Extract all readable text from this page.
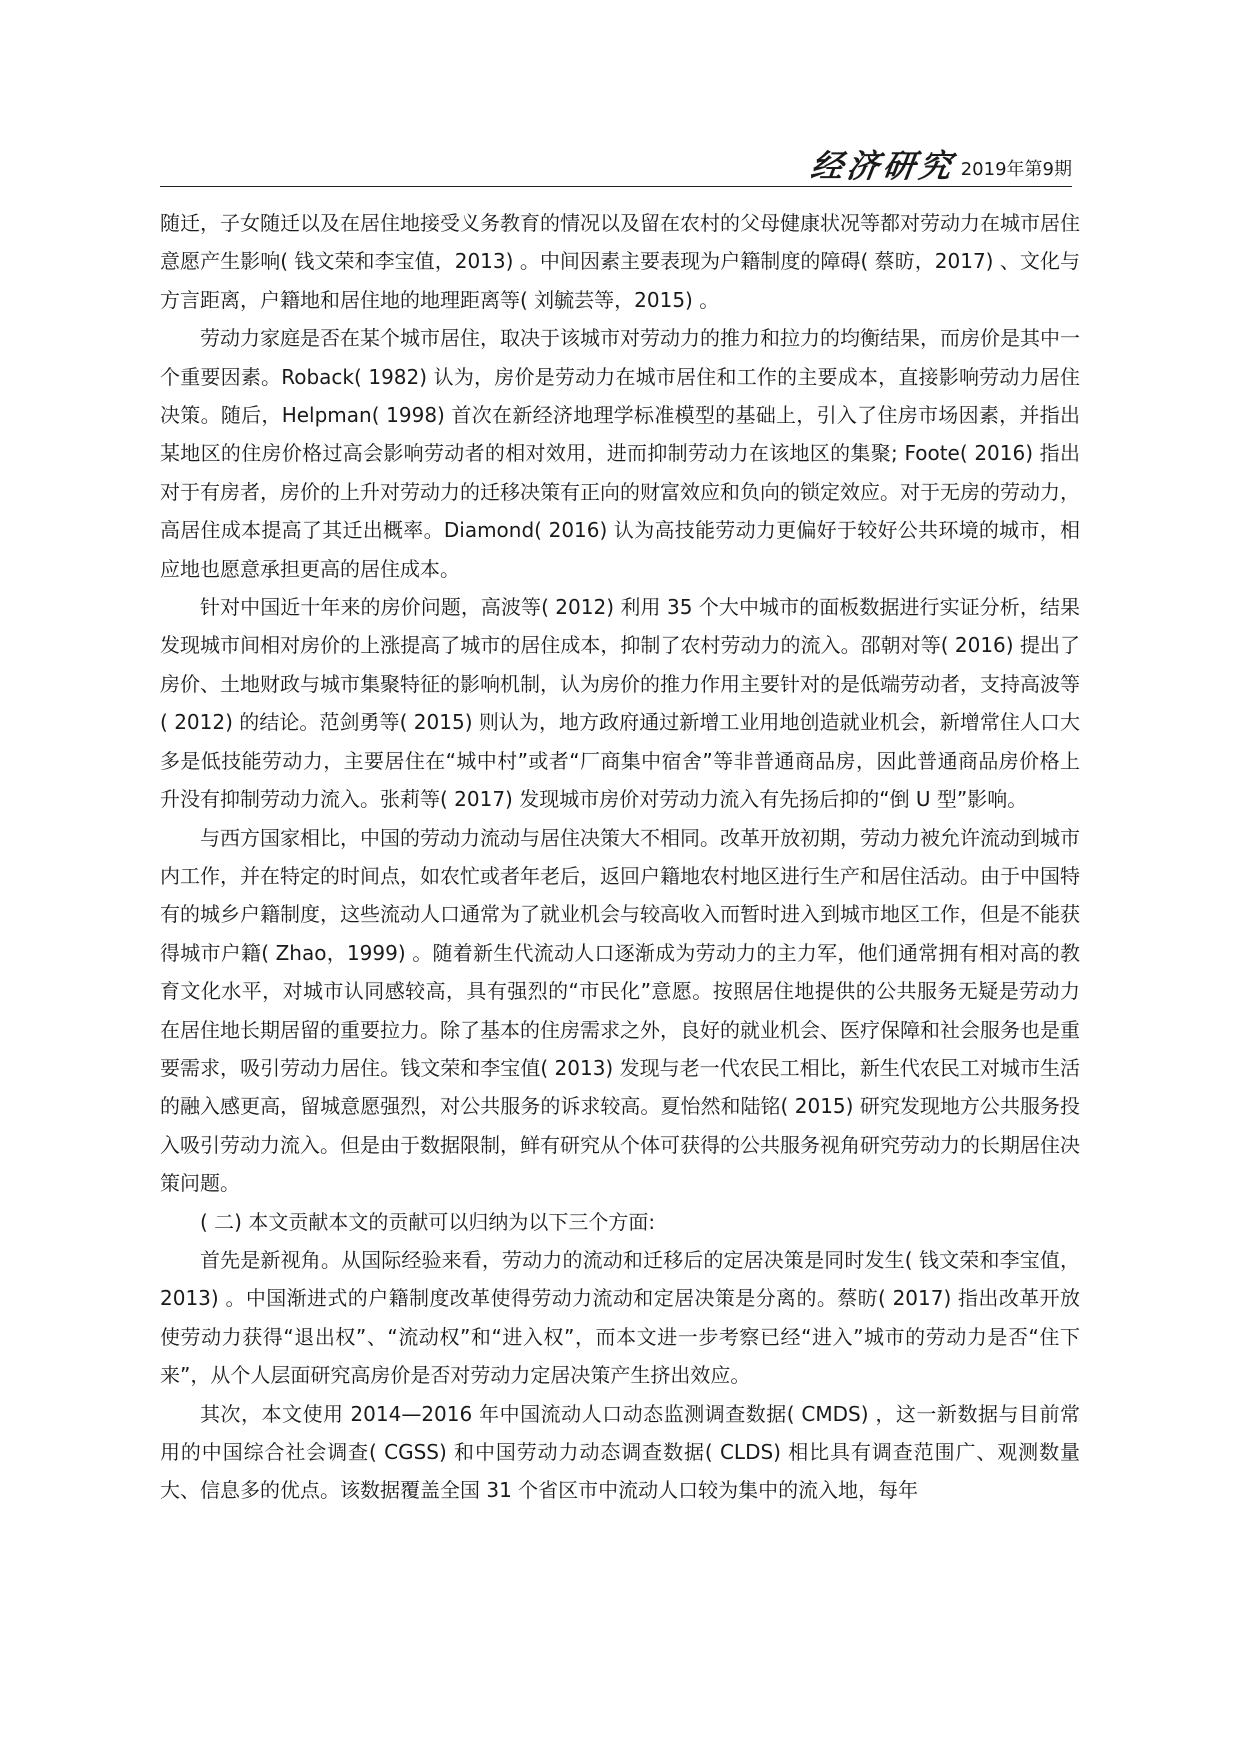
经济研究 2019年第9期

随迁，子女随迁以及在居住地接受义务教育的情况以及留在农村的父母健康状况等都对劳动力在城市居住意愿产生影响( 钱文荣和李宝值，2013) 。中间因素主要表现为户籍制度的障碍( 蔡昉，2017) 、文化与方言距离，户籍地和居住地的地理距离等( 刘毓芸等，2015) 。

劳动力家庭是否在某个城市居住，取决于该城市对劳动力的推力和拉力的均衡结果，而房价是其中一个重要因素。Roback( 1982) 认为，房价是劳动力在城市居住和工作的主要成本，直接影响劳动力居住决策。随后，Helpman( 1998) 首次在新经济地理学标准模型的基础上，引入了住房市场因素，并指出某地区的住房价格过高会影响劳动者的相对效用，进而抑制劳动力在该地区的集聚; Foote( 2016) 指出对于有房者，房价的上升对劳动力的迁移决策有正向的财富效应和负向的锁定效应。对于无房的劳动力，高居住成本提高了其迁出概率。Diamond( 2016) 认为高技能劳动力更偏好于较好公共环境的城市，相应地也愿意承担更高的居住成本。

针对中国近十年来的房价问题，高波等( 2012) 利用 35 个大中城市的面板数据进行实证分析，结果发现城市间相对房价的上涨提高了城市的居住成本，抑制了农村劳动力的流入。邵朝对等( 2016) 提出了房价、土地财政与城市集聚特征的影响机制，认为房价的推力作用主要针对的是低端劳动者，支持高波等( 2012) 的结论。范剑勇等( 2015) 则认为，地方政府通过新增工业用地创造就业机会，新增常住人口大多是低技能劳动力，主要居住在“城中村”或者“厂商集中宿舍”等非普通商品房，因此普通商品房价格上升没有抑制劳动力流入。张莉等( 2017) 发现城市房价对劳动力流入有先扬后抑的“倒 U 型”影响。

与西方国家相比，中国的劳动力流动与居住决策大不相同。改革开放初期，劳动力被允许流动到城市内工作，并在特定的时间点，如农忙或者年老后，返回户籍地农村地区进行生产和居住活动。由于中国特有的城乡户籍制度，这些流动人口通常为了就业机会与较高收入而暂时进入到城市地区工作，但是不能获得城市户籍( Zhao，1999) 。随着新生代流动人口逐渐成为劳动力的主力军，他们通常拥有相对高的教育文化水平，对城市认同感较高，具有强烈的“市民化”意愿。按照居住地提供的公共服务无疑是劳动力在居住地长期居留的重要拉力。除了基本的住房需求之外，良好的就业机会、医疗保障和社会服务也是重要需求，吸引劳动力居住。钱文荣和李宝值( 2013) 发现与老一代农民工相比，新生代农民工对城市生活的融入感更高，留城意愿强烈，对公共服务的诉求较高。夏怡然和陆铭( 2015) 研究发现地方公共服务投入吸引劳动力流入。但是由于数据限制，鲜有研究从个体可获得的公共服务视角研究劳动力的长期居住决策问题。

( 二) 本文贡献本文的贡献可以归纳为以下三个方面:

首先是新视角。从国际经验来看，劳动力的流动和迁移后的定居决策是同时发生( 钱文荣和李宝值，2013) 。中国渐进式的户籍制度改革使得劳动力流动和定居决策是分离的。蔡昉( 2017) 指出改革开放使劳动力获得“退出权”、“流动权”和“进入权”，而本文进一步考察已经“进入”城市的劳动力是否“住下来”，从个人层面研究高房价是否对劳动力定居决策产生挤出效应。

其次，本文使用 2014—2016 年中国流动人口动态监测调查数据( CMDS) ，这一新数据与目前常用的中国综合社会调查( CGSS) 和中国劳动力动态调查数据( CLDS) 相比具有调查范围广、观测数量大、信息多的优点。该数据覆盖全国 31 个省区市中流动人口较为集中的流入地，每年
